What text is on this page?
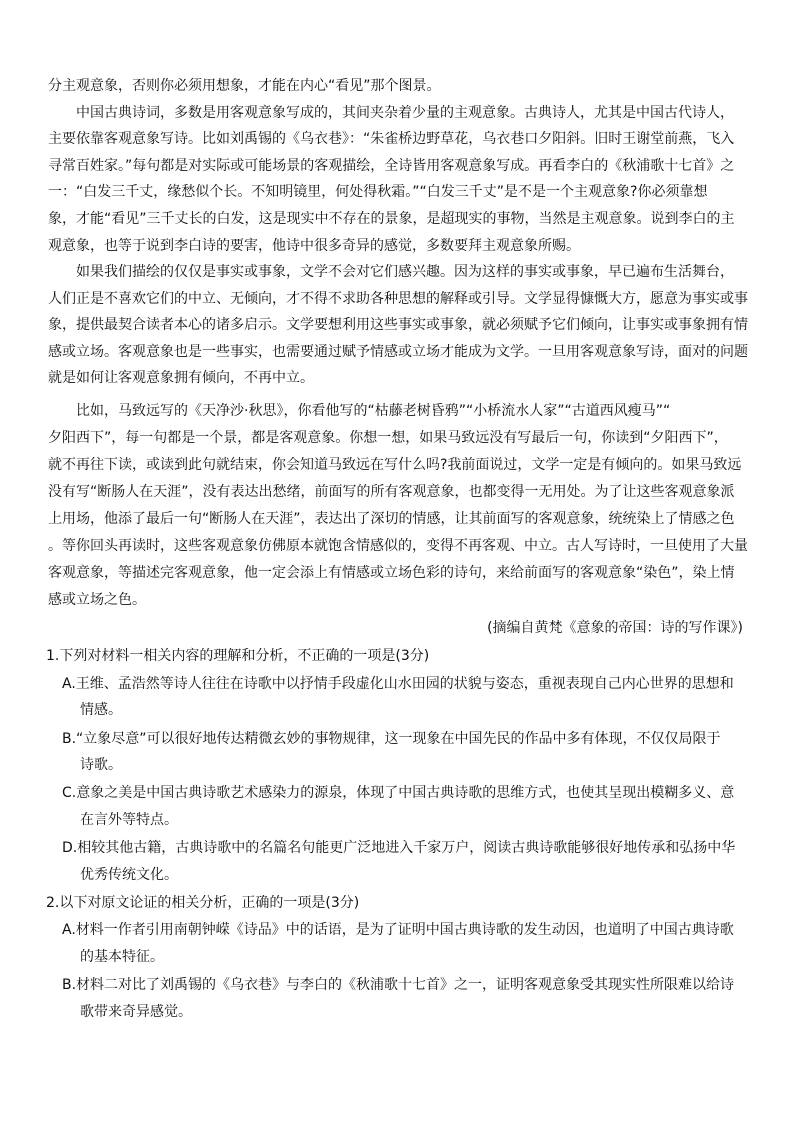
分主观意象，否则你必须用想象，才能在内心“看见”那个图景。
中国古典诗词，多数是用客观意象写成的，其间夹杂着少量的主观意象。古典诗人，尤其是中国古代诗人，
主要依靠客观意象写诗。比如刘禹锡的《乌衣巷》：“朱雀桥边野草花，乌衣巷口夕阳斜。旧时王谢堂前燕，飞入
寻常百姓家。”每句都是对实际或可能场景的客观描绘，全诗皆用客观意象写成。再看李白的《秋浦歌十七首》之
一：“白发三千丈，缘愁似个长。不知明镜里，何处得秋霜。”“白发三千丈”是不是一个主观意象?你必须靠想
象，才能“看见”三千丈长的白发，这是现实中不存在的景象，是超现实的事物，当然是主观意象。说到李白的主
观意象，也等于说到李白诗的要害，他诗中很多奇异的感觉，多数要拜主观意象所赐。
如果我们描绘的仅仅是事实或事象，文学不会对它们感兴趣。因为这样的事实或事象，早已遍布生活舞台，
人们正是不喜欢它们的中立、无倾向，才不得不求助各种思想的解释或引导。文学显得慷慨大方，愿意为事实或事
象，提供最契合读者本心的诸多启示。文学要想利用这些事实或事象，就必须赋予它们倾向，让事实或事象拥有情
感或立场。客观意象也是一些事实，也需要通过赋予情感或立场才能成为文学。一旦用客观意象写诗，面对的问题
就是如何让客观意象拥有倾向，不再中立。
比如，马致远写的《天净沙·秋思》，你看他写的“枯藤老树昏鸦”“小桥流水人家”“古道西风瘦马”“
夕阳西下”，每一句都是一个景，都是客观意象。你想一想，如果马致远没有写最后一句，你读到“夕阳西下”，
就不再往下读，或读到此句就结束，你会知道马致远在写什么吗?我前面说过，文学一定是有倾向的。如果马致远
没有写“断肠人在天涯”，没有表达出愁绪，前面写的所有客观意象，也都变得一无用处。为了让这些客观意象派
上用场，他添了最后一句“断肠人在天涯”，表达出了深切的情感，让其前面写的客观意象，统统染上了情感之色
。等你回头再读时，这些客观意象仿佛原本就饱含情感似的，变得不再客观、中立。古人写诗时，一旦使用了大量
客观意象，等描述完客观意象，他一定会添上有情感或立场色彩的诗句，来给前面写的客观意象“染色”，染上情
感或立场之色。
(摘编自黄梵《意象的帝国：诗的写作课》)
1.下列对材料一相关内容的理解和分析，不正确的一项是(3分)
A.王维、孟浩然等诗人往往在诗歌中以抒情手段虚化山水田园的状貌与姿态，重视表现自己内心世界的思想和
情感。
B.“立象尽意”可以很好地传达精微玄妙的事物规律，这一现象在中国先民的作品中多有体现，不仅仅局限于
诗歌。
C.意象之美是中国古典诗歌艺术感染力的源泉，体现了中国古典诗歌的思维方式，也使其呈现出模糊多义、意
在言外等特点。
D.相较其他古籍，古典诗歌中的名篇名句能更广泛地进入千家万户，阅读古典诗歌能够很好地传承和弘扬中华
优秀传统文化。
2.以下对原文论证的相关分析，正确的一项是(3分)
A.材料一作者引用南朝钟嵘《诗品》中的话语，是为了证明中国古典诗歌的发生动因，也道明了中国古典诗歌
的基本特征。
B.材料二对比了刘禹锡的《乌衣巷》与李白的《秋浦歌十七首》之一，证明客观意象受其现实性所限难以给诗
歌带来奇异感觉。
